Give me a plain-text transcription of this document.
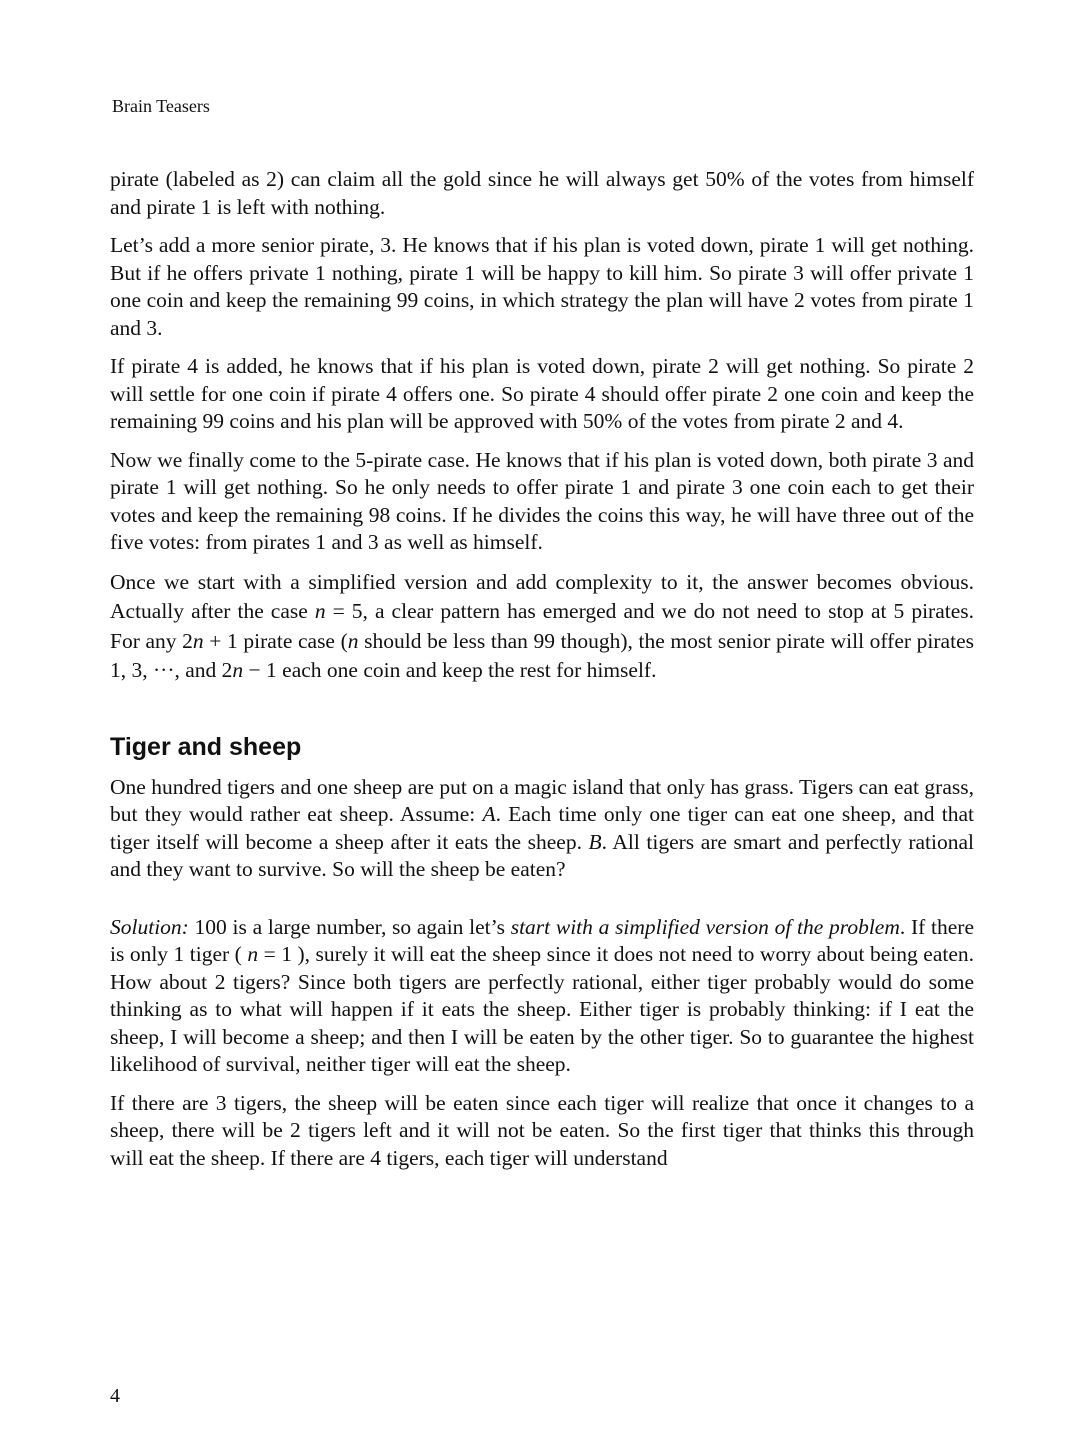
Brain Teasers

pirate (labeled as 2) can claim all the gold since he will always get 50% of the votes from himself and pirate 1 is left with nothing.

Let’s add a more senior pirate, 3. He knows that if his plan is voted down, pirate 1 will get nothing. But if he offers private 1 nothing, pirate 1 will be happy to kill him. So pirate 3 will offer private 1 one coin and keep the remaining 99 coins, in which strategy the plan will have 2 votes from pirate 1 and 3.

If pirate 4 is added, he knows that if his plan is voted down, pirate 2 will get nothing. So pirate 2 will settle for one coin if pirate 4 offers one. So pirate 4 should offer pirate 2 one coin and keep the remaining 99 coins and his plan will be approved with 50% of the votes from pirate 2 and 4.

Now we finally come to the 5-pirate case. He knows that if his plan is voted down, both pirate 3 and pirate 1 will get nothing. So he only needs to offer pirate 1 and pirate 3 one coin each to get their votes and keep the remaining 98 coins. If he divides the coins this way, he will have three out of the five votes: from pirates 1 and 3 as well as himself.

Once we start with a simplified version and add complexity to it, the answer becomes obvious. Actually after the case n = 5, a clear pattern has emerged and we do not need to stop at 5 pirates. For any 2n + 1 pirate case (n should be less than 99 though), the most senior pirate will offer pirates 1, 3, ···, and 2n − 1 each one coin and keep the rest for himself.

Tiger and sheep

One hundred tigers and one sheep are put on a magic island that only has grass. Tigers can eat grass, but they would rather eat sheep. Assume: A. Each time only one tiger can eat one sheep, and that tiger itself will become a sheep after it eats the sheep. B. All tigers are smart and perfectly rational and they want to survive. So will the sheep be eaten?

Solution: 100 is a large number, so again let’s start with a simplified version of the problem. If there is only 1 tiger ( n = 1 ), surely it will eat the sheep since it does not need to worry about being eaten. How about 2 tigers? Since both tigers are perfectly rational, either tiger probably would do some thinking as to what will happen if it eats the sheep. Either tiger is probably thinking: if I eat the sheep, I will become a sheep; and then I will be eaten by the other tiger. So to guarantee the highest likelihood of survival, neither tiger will eat the sheep.

If there are 3 tigers, the sheep will be eaten since each tiger will realize that once it changes to a sheep, there will be 2 tigers left and it will not be eaten. So the first tiger that thinks this through will eat the sheep. If there are 4 tigers, each tiger will understand

4
